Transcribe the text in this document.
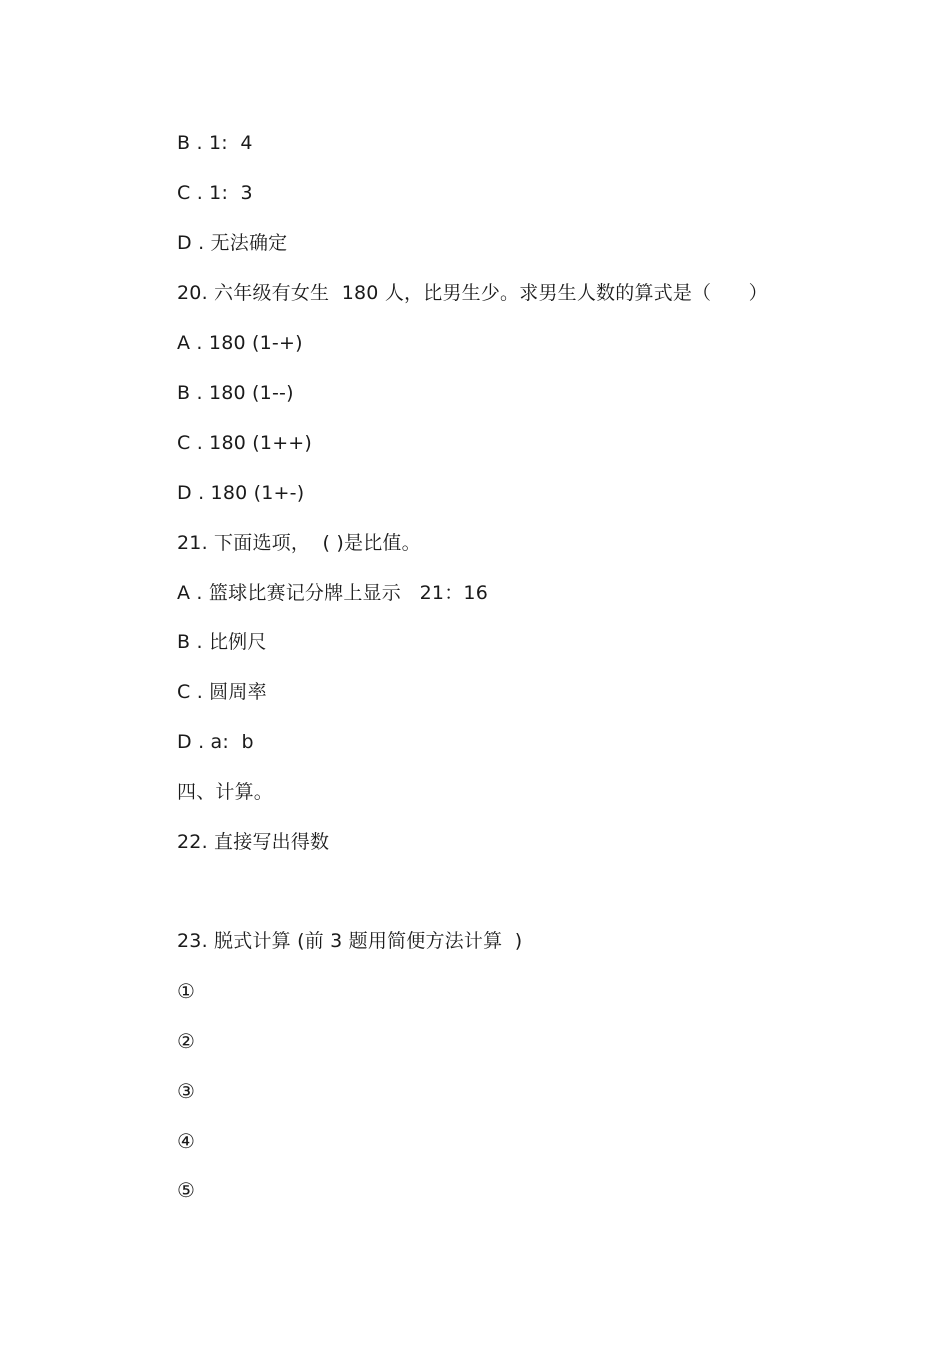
B . 1:  4
C . 1:  3
D . 无法确定
20. 六年级有女生  180 人，比男生少。求男生人数的算式是（      ）
A . 180 (1-+)
B . 180 (1--)
C . 180 (1++)
D . 180 (1+-)
21. 下面选项，  ( )是比值。
A . 篮球比赛记分牌上显示   21：16
B . 比例尺
C . 圆周率
D . a:  b
四、计算。
22. 直接写出得数
23. 脱式计算 (前 3 题用简便方法计算  )
①
②
③
④
⑤
